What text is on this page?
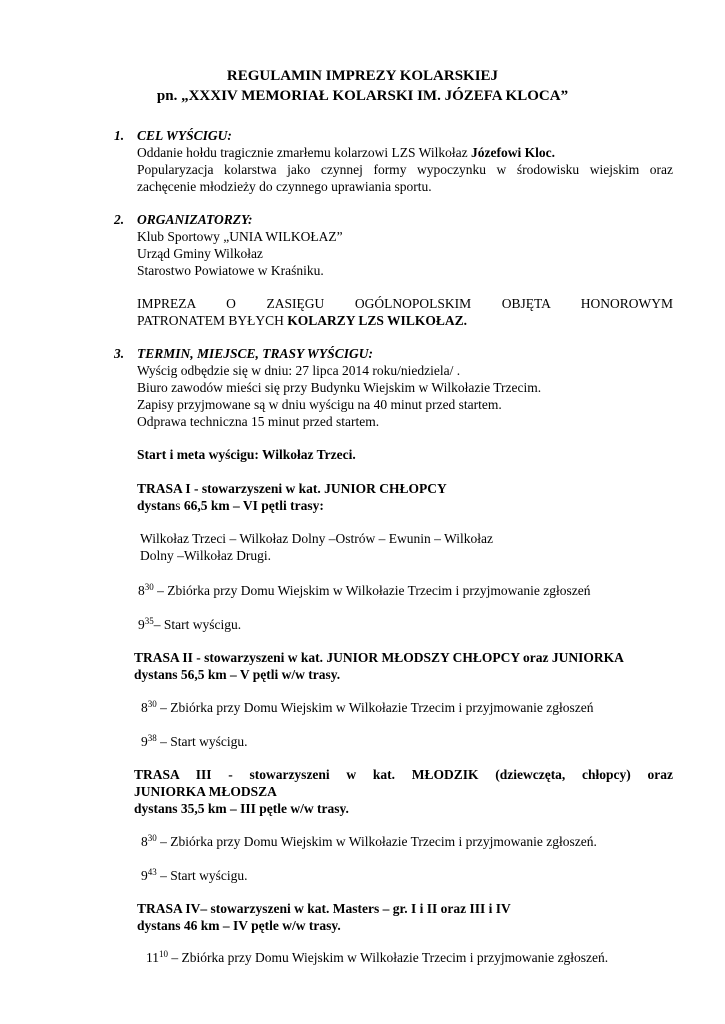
REGULAMIN IMPREZY KOLARSKIEJ
pn. „XXXIV MEMORIAŁ KOLARSKI IM. JÓZEFA KLOCA”
1. CEL WYŚCIGU:
Oddanie hołdu tragicznie zmarłemu kolarzowi LZS Wilkołaz Józefowi Kloc.
Popularyzacja kolarstwa jako czynnej formy wypoczynku w środowisku wiejskim oraz
zachęcenie młodzieży do czynnego uprawiania sportu.
2. ORGANIZATORZY:
Klub Sportowy „UNIA WILKOŁAZ”
Urząd Gminy Wilkołaz
Starostwo Powiatowe w Kraśniku.
IMPREZA O ZASIĘGU OGÓLNOPOLSKIM OBJĘTA HONOROWYM
PATRONATEM BYŁYCH KOLARZY LZS WILKOŁAZ.
3. TERMIN, MIEJSCE, TRASY WYŚCIGU:
Wyścig odbędzie się w dniu: 27 lipca 2014 roku/niedziela/ .
Biuro zawodów mieści się przy Budynku Wiejskim w Wilkołazie Trzecim.
Zapisy przyjmowane są w dniu wyścigu na 40 minut przed startem.
Odprawa techniczna 15 minut przed startem.
Start i meta wyścigu: Wilkołaz Trzeci.
TRASA I - stowarzyszeni w kat. JUNIOR CHŁOPCY
dystans 66,5 km – VI pętli trasy:
Wilkołaz Trzeci – Wilkołaz Dolny –Ostrów – Ewunin – Wilkołaz
Dolny –Wilkołaz Drugi.
$8^{30}$ – Zbiórka przy Domu Wiejskim w Wilkołazie Trzecim i przyjmowanie zgłoszeń
$9^{35}-$ Start wyścigu.
TRASA II - stowarzyszeni w kat. JUNIOR MŁODSZY CHŁOPCY oraz JUNIORKA
dystans 56,5 km – V pętli w/w trasy.
$8^{30}$ – Zbiórka przy Domu Wiejskim w Wilkołazie Trzecim i przyjmowanie zgłoszeń
$9^{38}$ – Start wyścigu.
TRASA III - stowarzyszeni w kat. MŁODZIK (dziewczęta, chłopcy) oraz
JUNIORKA MŁODSZA
dystans 35,5 km – III pętle w/w trasy.
$8^{30}$ – Zbiórka przy Domu Wiejskim w Wilkołazie Trzecim i przyjmowanie zgłoszeń.
$9^{43}$ – Start wyścigu.
TRASA IV– stowarzyszeni w kat. Masters – gr. I i II oraz III i IV
dystans 46 km – IV pętle w/w trasy.
$11^{10}$ – Zbiórka przy Domu Wiejskim w Wilkołazie Trzecim i przyjmowanie zgłoszeń.
